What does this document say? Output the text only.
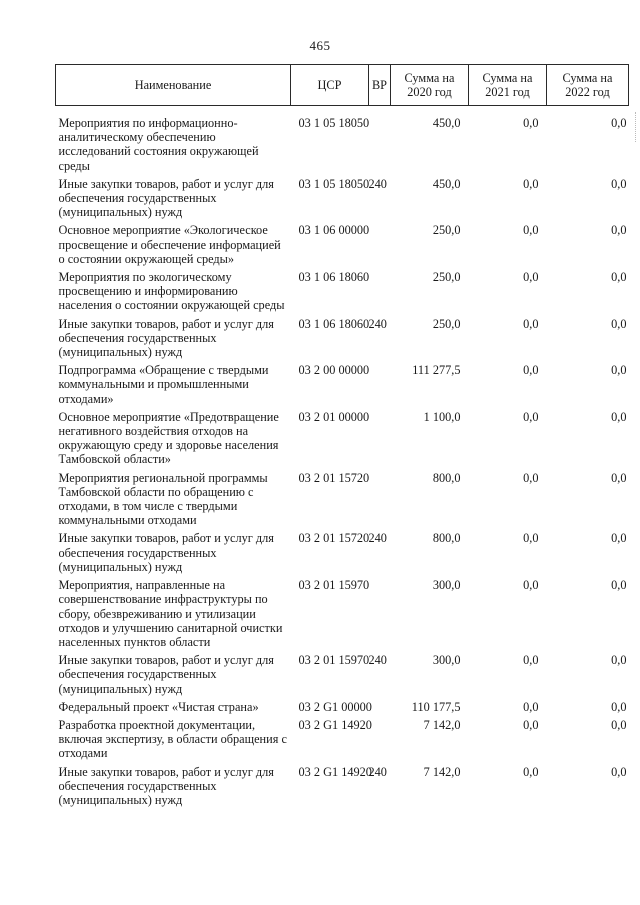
465
Наименование	ЦСР	ВР	Сумма на 2020 год	Сумма на 2021 год	Сумма на 2022 год
Мероприятия по информационно-аналитическому обеспечению исследований состояния окружающей среды	03 1 05 18050		450,0	0,0	0,0
Иные закупки товаров, работ и услуг для обеспечения государственных (муниципальных) нужд	03 1 05 18050	240	450,0	0,0	0,0
Основное мероприятие «Экологическое просвещение и обеспечение информацией о состоянии окружающей среды»	03 1 06 00000		250,0	0,0	0,0
Мероприятия по экологическому просвещению и информированию населения о состоянии окружающей среды	03 1 06 18060		250,0	0,0	0,0
Иные закупки товаров, работ и услуг для обеспечения государственных (муниципальных) нужд	03 1 06 18060	240	250,0	0,0	0,0
Подпрограмма «Обращение с твердыми коммунальными и промышленными отходами»	03 2 00 00000		111 277,5	0,0	0,0
Основное мероприятие «Предотвращение негативного воздействия отходов на окружающую среду и здоровье населения Тамбовской области»	03 2 01 00000		1 100,0	0,0	0,0
Мероприятия региональной программы Тамбовской области по обращению с отходами, в том числе с твердыми коммунальными отходами	03 2 01 15720		800,0	0,0	0,0
Иные закупки товаров, работ и услуг для обеспечения государственных (муниципальных) нужд	03 2 01 15720	240	800,0	0,0	0,0
Мероприятия, направленные на совершенствование инфраструктуры по сбору, обезвреживанию и утилизации отходов и улучшению санитарной очистки населенных пунктов области	03 2 01 15970		300,0	0,0	0,0
Иные закупки товаров, работ и услуг для обеспечения государственных (муниципальных) нужд	03 2 01 15970	240	300,0	0,0	0,0
Федеральный проект «Чистая страна»	03 2 G1 00000		110 177,5	0,0	0,0
Разработка проектной документации, включая экспертизу, в области обращения с отходами	03 2 G1 14920		7 142,0	0,0	0,0
Иные закупки товаров, работ и услуг для обеспечения государственных (муниципальных) нужд	03 2 G1 14920	240	7 142,0	0,0	0,0
